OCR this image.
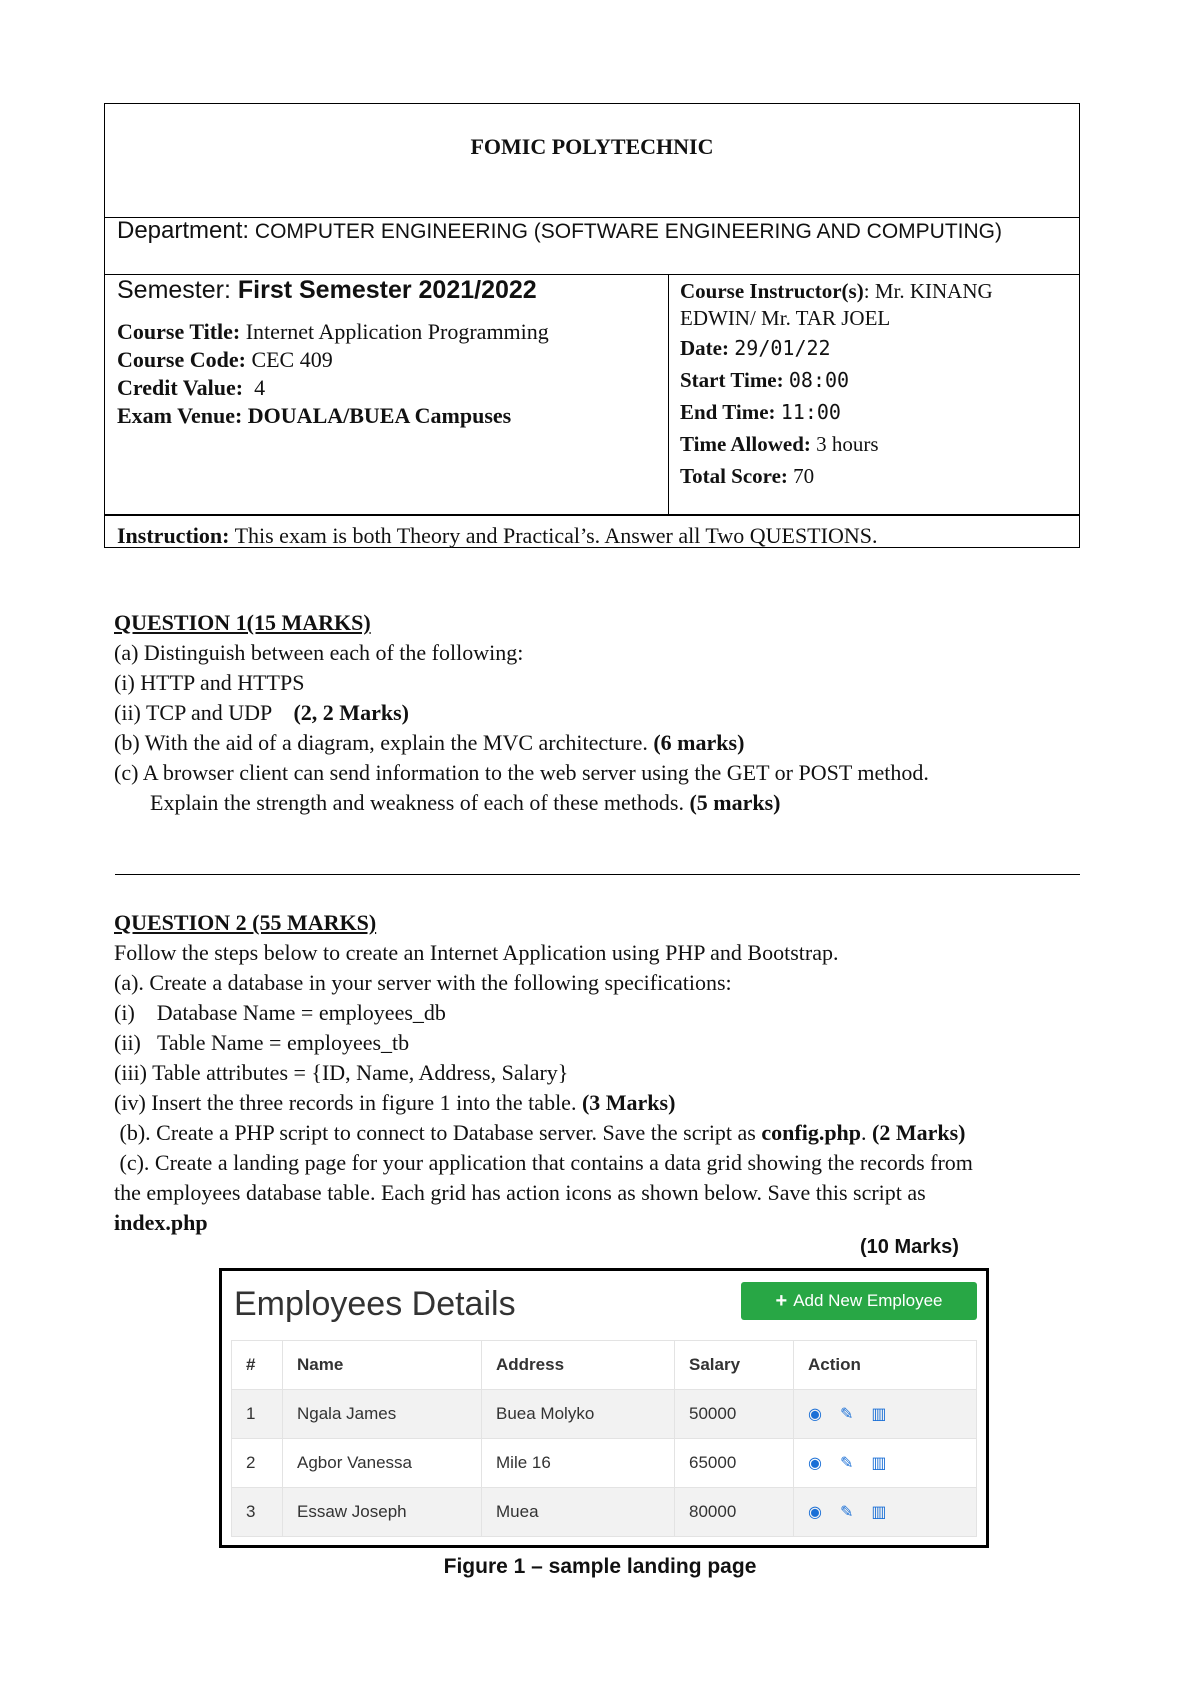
FOMIC POLYTECHNIC
Department: COMPUTER ENGINEERING (SOFTWARE ENGINEERING AND COMPUTING)
Semester: First Semester 2021/2022
Course Title: Internet Application Programming
Course Code: CEC 409
Credit Value: 4
Exam Venue: DOUALA/BUEA Campuses
Course Instructor(s): Mr. KINANG EDWIN/ Mr. TAR JOEL
Date: 29/01/22
Start Time: 08:00
End Time: 11:00
Time Allowed: 3 hours
Total Score: 70
Instruction: This exam is both Theory and Practical’s. Answer all Two QUESTIONS.
QUESTION 1(15 MARKS)
(a) Distinguish between each of the following:
(i) HTTP and HTTPS
(ii) TCP and UDP (2, 2 Marks)
(b) With the aid of a diagram, explain the MVC architecture. (6 marks)
(c) A browser client can send information to the web server using the GET or POST method.
Explain the strength and weakness of each of these methods. (5 marks)
QUESTION 2 (55 MARKS)
Follow the steps below to create an Internet Application using PHP and Bootstrap.
(a). Create a database in your server with the following specifications:
(i)    Database Name = employees_db
(ii)   Table Name = employees_tb
(iii) Table attributes = {ID, Name, Address, Salary}
(iv) Insert the three records in figure 1 into the table. (3 Marks)
(b). Create a PHP script to connect to Database server. Save the script as config.php. (2 Marks)
(c). Create a landing page for your application that contains a data grid showing the records from
the employees database table. Each grid has action icons as shown below. Save this script as
index.php
(10 Marks)
Employees Details	+ Add New Employee
#	Name	Address	Salary	Action
1	Ngala James	Buea Molyko	50000	◉ ✎ ▥
2	Agbor Vanessa	Mile 16	65000	◉ ✎ ▥
3	Essaw Joseph	Muea	80000	◉ ✎ ▥
Figure 1 – sample landing page
